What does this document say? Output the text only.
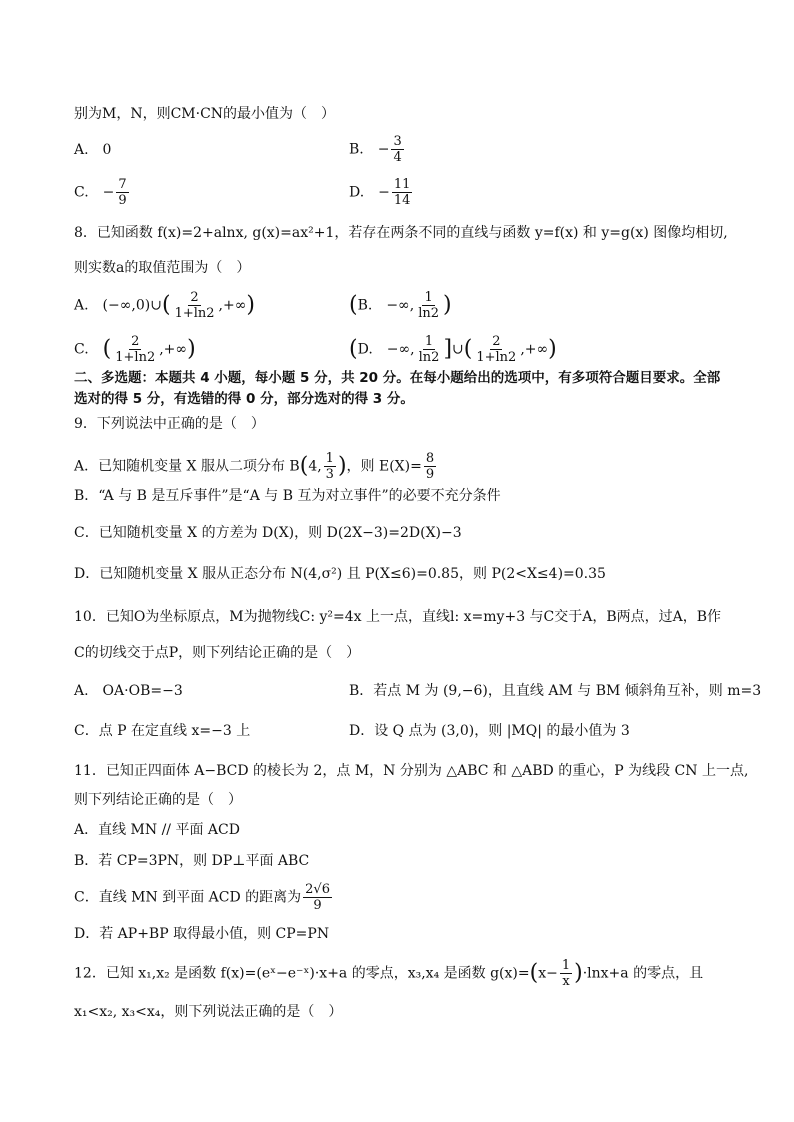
别为M，N，则CM·CN的最小值为（　）
A.　0	B.　− $\frac{3}{4}$
C.　− $\frac{7}{9}$	D.　− $\frac{11}{14}$
8．已知函数 f(x)=2+alnx, g(x)=ax²+1，若存在两条不同的直线与函数 y=f(x) 和 y=g(x) 图像均相切,
则实数a的取值范围为（　）
A.　(−∞,0)∪( $\frac{2}{1+\ln 2}$ ,+∞)	(B.　−∞, $\frac{1}{\ln 2}$ )
C.　( $\frac{2}{1+\ln 2}$ ,+∞)	(D.　−∞, $\frac{1}{\ln 2}$ ]∪( $\frac{2}{1+\ln 2}$ ,+∞)
二、多选题：本题共 4 小题，每小题 5 分，共 20 分。在每小题给出的选项中，有多项符合题目要求。全部
选对的得 5 分，有选错的得 0 分，部分选对的得 3 分。
9．下列说法中正确的是（　）
A．已知随机变量 X 服从二项分布 B(4, $\frac{1}{3}$ )，则 $E(X)= \frac{8}{9}$
B．“A 与 B 是互斥事件”是“A 与 B 互为对立事件”的必要不充分条件
C．已知随机变量 X 的方差为 D(X)，则 D(2X−3)=2D(X)−3
D．已知随机变量 X 服从正态分布 N(4,σ²) 且 P(X≤6)=0.85，则 P(2<X≤4)=0.35
10．已知O为坐标原点，M为抛物线C: y²=4x 上一点，直线l: x=my+3 与C交于A，B两点，过A，B作
C的切线交于点P，则下列结论正确的是（　）
A.　OA·OB=−3	B．若点 M 为 (9,−6)，且直线 AM 与 BM 倾斜角互补，则 m=3
C．点 P 在定直线 x=−3 上	D．设 Q 点为 (3,0)，则 |MQ| 的最小值为 3
11．已知正四面体 A−BCD 的棱长为 2，点 M，N 分别为 △ABC 和 △ABD 的重心，P 为线段 CN 上一点,
则下列结论正确的是（　）
A．直线 MN // 平面 ACD
B．若 CP=3PN，则 DP⊥平面 ABC
C．直线 MN 到平面 ACD 的距离为 $\frac{2√6}{9}$
D．若 AP+BP 取得最小值，则 CP=PN
12．已知 x₁,x₂ 是函数 f(x)=(eˣ−e⁻ˣ)·x+a 的零点，x₃,x₄ 是函数 $g(x)=(x- \frac{1}{x} )\cdot\ln x+a$ 的零点，且
x₁<x₂, x₃<x₄，则下列说法正确的是（　）
